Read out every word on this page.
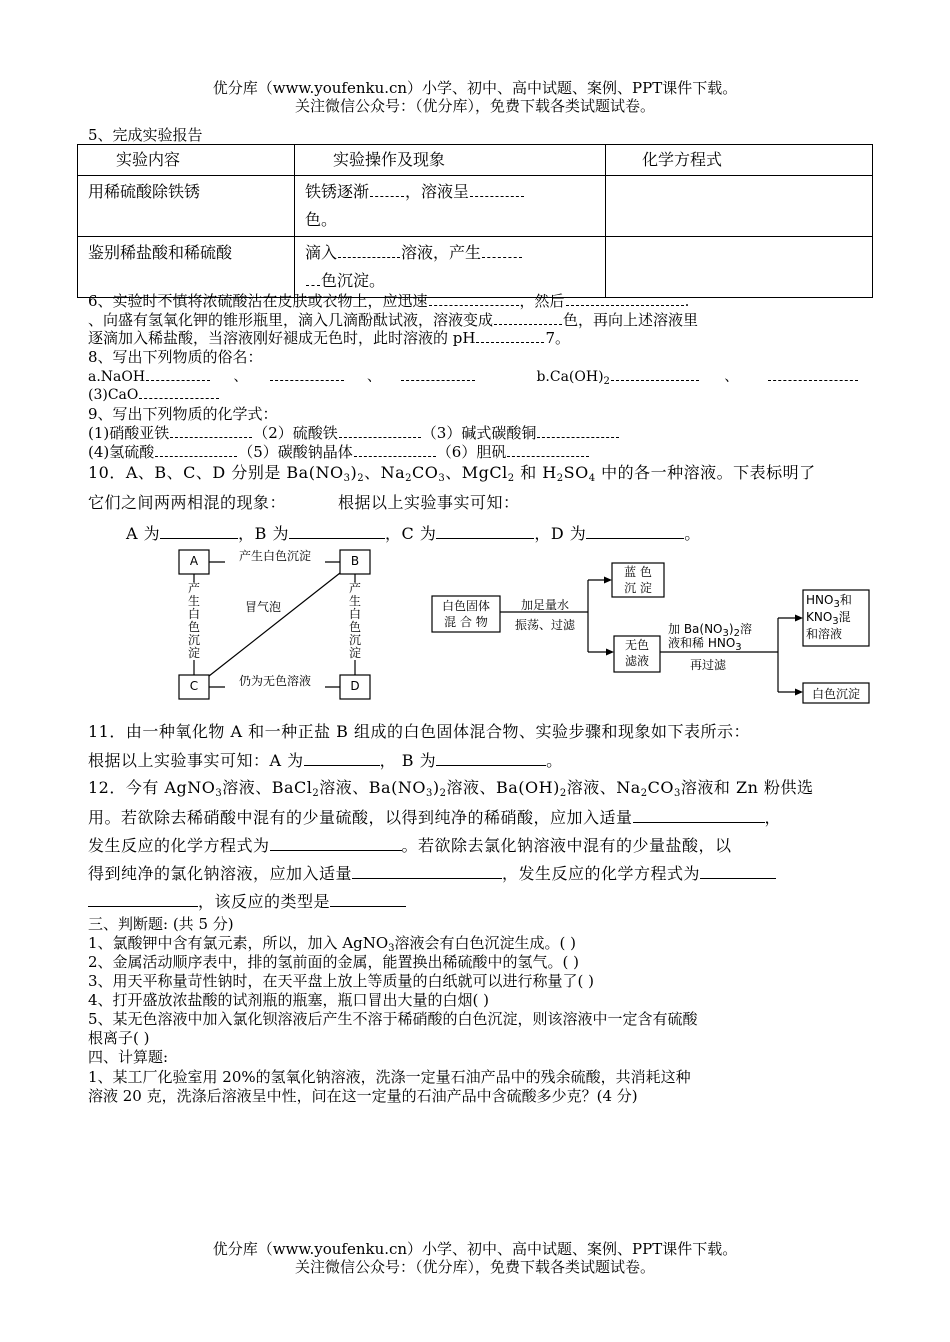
优分库（www.youfenku.cn）小学、初中、高中试题、案例、PPT课件下载。
关注微信公众号：（优分库），免费下载各类试题试卷。
5、完成实验报告
实验内容	实验操作及现象	化学方程式
用稀硫酸除铁锈	铁锈逐渐 ，溶液呈
色。	
鉴别稀盐酸和稀硫酸	滴入 溶液，产生
色沉淀。	
6、实验时不慎将浓硫酸沾在皮肤或衣物上，应迅速	，然后	.
、向盛有氢氧化钾的锥形瓶里，滴入几滴酚酞试液，溶液变成	色，再向上述溶液里
逐滴加入稀盐酸，当溶液刚好褪成无色时，此时溶液的 pH	7。
8、写出下列物质的俗名：
a.NaOH	、	、	$b.Ca(OH)_2$	、
(3)CaO
9、写出下列物质的化学式：
(1)硝酸亚铁	（2）硫酸铁	（3）碱式碳酸铜
(4)氢硫酸	（5）碳酸钠晶体	（6）胆矾
10．A、B、C、D 分别是 $Ba(NO_3)_2$、$Na_2CO_3$、MgCl$_2$ 和 $H_2SO_4$ 中的各一种溶液。下表标明了
它们之间两两相混的现象：	根据以上实验事实可知：
A 为	，B 为	，C 为	，D 为	。
A	B
C	D
产生白色沉淀
冒气泡
仍为无色溶液
产
生
白
色
沉
淀
产
生
白
色
沉
淀
白色固体
混 合 物
加足量水
振荡、过滤
蓝 色
沉 淀
无色
滤液
加 $Ba(NO_3)_2$溶
液和稀 $HNO_3$
再过滤
$HNO_3$和
$KNO_3$混
和溶液
白色沉淀
11．由一种氧化物 A 和一种正盐 B 组成的白色固体混合物、实验步骤和现象如下表所示：
根据以上实验事实可知：A 为	， B 为	。
12．今有 AgNO$_3$溶液、BaCl$_2$溶液、$Ba(NO_3)_2$溶液、$Ba(OH)_2$溶液、$Na_2CO_3$溶液和 Zn 粉供选
用。若欲除去稀硝酸中混有的少量硫酸，以得到纯净的稀硝酸，应加入适量	，
发生反应的化学方程式为	。若欲除去氯化钠溶液中混有的少量盐酸，以
得到纯净的氯化钠溶液，应加入适量	，发生反应的化学方程式为
，该反应的类型是
三、判断题: (共 5 分)
1、氯酸钾中含有氯元素，所以，加入 AgNO$_3$溶液会有白色沉淀生成。( )
2、金属活动顺序表中，排的氢前面的金属，能置换出稀硫酸中的氢气。( )
3、用天平称量苛性钠时，在天平盘上放上等质量的白纸就可以进行称量了( )
4、打开盛放浓盐酸的试剂瓶的瓶塞，瓶口冒出大量的白烟( )
5、某无色溶液中加入氯化钡溶液后产生不溶于稀硝酸的白色沉淀，则该溶液中一定含有硫酸
根离子( )
四、计算题:
1、某工厂化验室用 20%的氢氧化钠溶液，洗涤一定量石油产品中的残余硫酸，共消耗这种
溶液 20 克，洗涤后溶液呈中性，问在这一定量的石油产品中含硫酸多少克？(4 分)
优分库（www.youfenku.cn）小学、初中、高中试题、案例、PPT课件下载。
关注微信公众号：（优分库），免费下载各类试题试卷。
